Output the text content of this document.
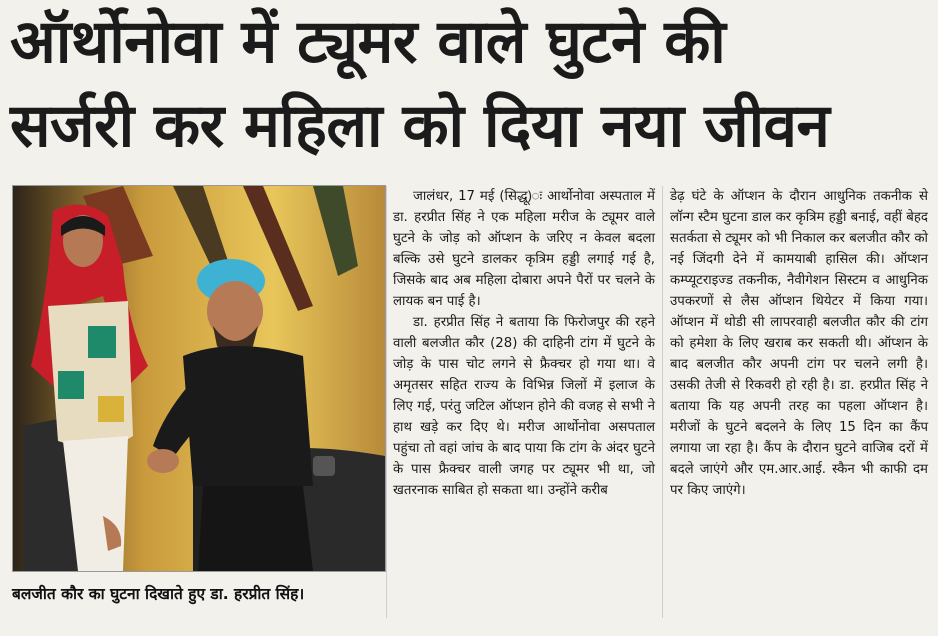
ऑर्थोनोवा में ट्यूमर वाले घुटने की
सर्जरी कर महिला को दिया नया जीवन
बलजीत कौर का घुटना दिखाते हुए डा. हरप्रीत सिंह।

जालंधर, 17 मई (सिद्धू)ः आर्थोनोवा अस्पताल में डा. हरप्रीत सिंह ने एक महिला मरीज के ट्यूमर वाले घुटने के जोड़ को ऑप्शन के जरिए न केवल बदला बल्कि उसे घुटने डालकर कृत्रिम हड्डी लगाई गई है, जिसके बाद अब महिला दोबारा अपने पैरों पर चलने के लायक बन पाई है।

डा. हरप्रीत सिंह ने बताया कि फिरोजपुर की रहने वाली बलजीत कौर (28) की दाहिनी टांग में घुटने के जोड़ के पास चोट लगने से फ्रैक्चर हो गया था। वे अमृतसर सहित राज्य के विभिन्न जिलों में इलाज के लिए गई, परंतु जटिल ऑप्शन होने की वजह से सभी ने हाथ खड़े कर दिए थे। मरीज आर्थोनोवा असपताल पहुंचा तो वहां जांच के बाद पाया कि टांग के अंदर घुटने के पास फ्रैक्चर वाली जगह पर ट्यूमर भी था, जो खतरनाक साबित हो सकता था। उन्होंने करीब

डेढ़ घंटे के ऑप्शन के दौरान आधुनिक तकनीक से लॉन्ग स्टैम घुटना डाल कर कृत्रिम हड्डी बनाई, वहीं बेहद सतर्कता से ट्यूमर को भी निकाल कर बलजीत कौर को नई जिंदगी देने में कामयाबी हासिल की। ऑप्शन कम्प्यूटराइज्ड तकनीक, नैवीगेशन सिस्टम व आधुनिक उपकरणों से लैस ऑप्शन थियेटर में किया गया। ऑप्शन में थोडी सी लापरवाही बलजीत कौर की टांग को हमेशा के लिए खराब कर सकती थी। ऑप्शन के बाद बलजीत कौर अपनी टांग पर चलने लगी है। उसकी तेजी से रिकवरी हो रही है। डा. हरप्रीत सिंह ने बताया कि यह अपनी तरह का पहला ऑप्शन है। मरीजों के घुटने बदलने के लिए 15 दिन का कैंप लगाया जा रहा है। कैंप के दौरान घुटने वाजिब दरों में बदले जाएंगे और एम.आर.आई. स्कैन भी काफी दम पर किए जाएंगे।
